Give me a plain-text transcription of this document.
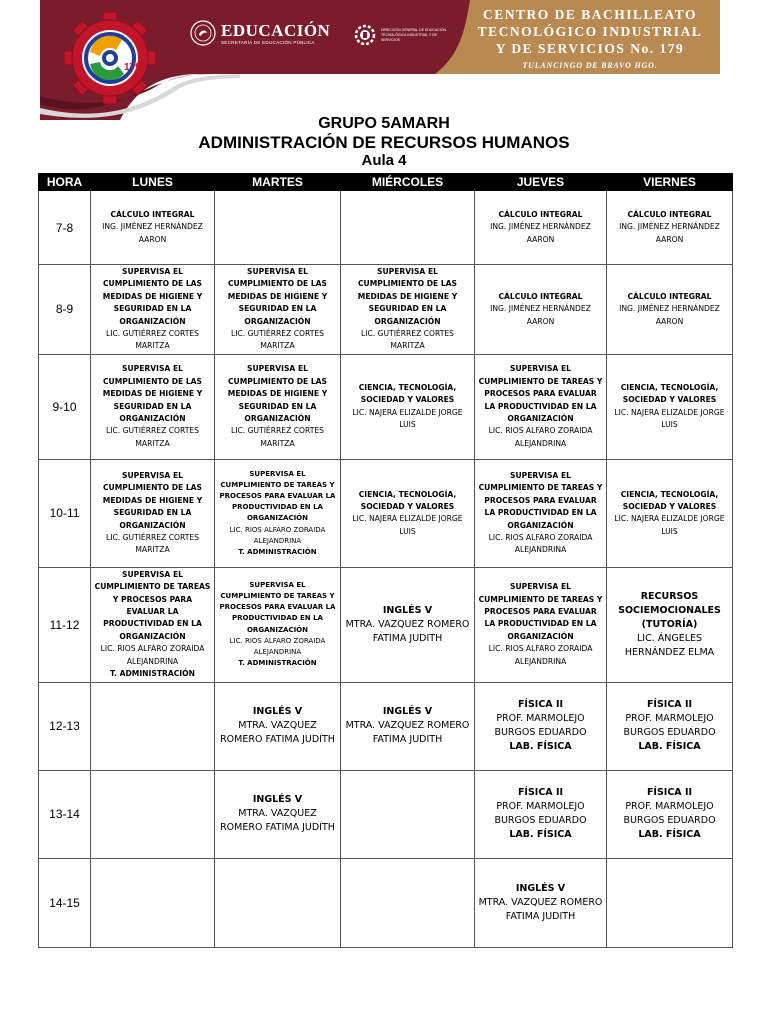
179
EDUCACIÓN
SECRETARÍA DE EDUCACIÓN PÚBLICA
DIRECCIÓN GENERAL DE EDUCACIÓN TECNOLÓGICA INDUSTRIAL Y DE SERVICIOS
CENTRO DE BACHILLEATO
TECNOLÓGICO INDUSTRIAL
Y DE SERVICIOS No. 179
TULANCINGO DE BRAVO HGO.
GRUPO 5AMARH
ADMINISTRACIÓN DE RECURSOS HUMANOS
Aula 4
HORA	LUNES	MARTES	MIÉRCOLES	JUEVES	VIERNES
7-8	CÁLCULO INTEGRAL
ING. JIMÉNEZ HERNÁNDEZ AARON			CÁLCULO INTEGRAL
ING. JIMÉNEZ HERNÁNDEZ AARON	CÁLCULO INTEGRAL
ING. JIMÉNEZ HERNÁNDEZ AARON

8-9	SUPERVISA EL CUMPLIMIENTO DE LAS MEDIDAS DE HIGIENE Y SEGURIDAD EN LA ORGANIZACIÓN
LIC. GUTIÉRREZ CORTES MARITZA	SUPERVISA EL CUMPLIMIENTO DE LAS MEDIDAS DE HIGIENE Y SEGURIDAD EN LA ORGANIZACIÓN
LIC. GUTIÉRREZ CORTES MARITZA	SUPERVISA EL CUMPLIMIENTO DE LAS MEDIDAS DE HIGIENE Y SEGURIDAD EN LA ORGANIZACIÓN
LIC. GUTIÉRREZ CORTES MARITZA	CÁLCULO INTEGRAL
ING. JIMÉNEZ HERNÁNDEZ AARON	CÁLCULO INTEGRAL
ING. JIMÉNEZ HERNÁNDEZ AARON

9-10	SUPERVISA EL CUMPLIMIENTO DE LAS MEDIDAS DE HIGIENE Y SEGURIDAD EN LA ORGANIZACIÓN
LIC. GUTIÉRREZ CORTES MARITZA	SUPERVISA EL CUMPLIMIENTO DE LAS MEDIDAS DE HIGIENE Y SEGURIDAD EN LA ORGANIZACIÓN
LIC. GUTIÉRREZ CORTES MARITZA	CIENCIA, TECNOLOGÍA, SOCIEDAD Y VALORES
LIC. NAJERA ELIZALDE JORGE LUIS	SUPERVISA EL CUMPLIMIENTO DE TAREAS Y PROCESOS PARA EVALUAR LA PRODUCTIVIDAD EN LA ORGANIZACIÓN
LIC. RIOS ALFARO ZORAIDA ALEJANDRINA	CIENCIA, TECNOLOGÍA, SOCIEDAD Y VALORES
LIC. NAJERA ELIZALDE JORGE LUIS

10-11	SUPERVISA EL CUMPLIMIENTO DE LAS MEDIDAS DE HIGIENE Y SEGURIDAD EN LA ORGANIZACIÓN
LIC. GUTIÉRREZ CORTES MARITZA	SUPERVISA EL CUMPLIMIENTO DE TAREAS Y PROCESOS PARA EVALUAR LA PRODUCTIVIDAD EN LA ORGANIZACIÓN
LIC. RIOS ALFARO ZORAIDA ALEJANDRINA
T. ADMINISTRACIÓN	CIENCIA, TECNOLOGÍA, SOCIEDAD Y VALORES
LIC. NAJERA ELIZALDE JORGE LUIS	SUPERVISA EL CUMPLIMIENTO DE TAREAS Y PROCESOS PARA EVALUAR LA PRODUCTIVIDAD EN LA ORGANIZACIÓN
LIC. RIOS ALFARO ZORAIDA ALEJANDRINA	CIENCIA, TECNOLOGÍA, SOCIEDAD Y VALORES
LIC. NAJERA ELIZALDE JORGE LUIS

11-12	SUPERVISA EL CUMPLIMIENTO DE TAREAS Y PROCESOS PARA EVALUAR LA PRODUCTIVIDAD EN LA ORGANIZACIÓN
LIC. RIOS ALFARO ZORAIDA ALEJANDRINA
T. ADMINISTRACIÓN	SUPERVISA EL CUMPLIMIENTO DE TAREAS Y PROCESOS PARA EVALUAR LA PRODUCTIVIDAD EN LA ORGANIZACIÓN
LIC. RIOS ALFARO ZORAIDA ALEJANDRINA
T. ADMINISTRACIÓN	INGLÉS V
MTRA. VAZQUEZ ROMERO FATIMA JUDITH	SUPERVISA EL CUMPLIMIENTO DE TAREAS Y PROCESOS PARA EVALUAR LA PRODUCTIVIDAD EN LA ORGANIZACIÓN
LIC. RIOS ALFARO ZORAIDA ALEJANDRINA	RECURSOS SOCIEMOCIONALES (TUTORÍA)
LIC. ÁNGELES HERNÁNDEZ ELMA

12-13		INGLÉS V
MTRA. VAZQUEZ ROMERO FATIMA JUDITH	INGLÉS V
MTRA. VAZQUEZ ROMERO FATIMA JUDITH	FÍSICA II
PROF. MARMOLEJO BURGOS EDUARDO
LAB. FÍSICA	FÍSICA II
PROF. MARMOLEJO BURGOS EDUARDO
LAB. FÍSICA

13-14		INGLÉS V
MTRA. VAZQUEZ ROMERO FATIMA JUDITH		FÍSICA II
PROF. MARMOLEJO BURGOS EDUARDO
LAB. FÍSICA	FÍSICA II
PROF. MARMOLEJO BURGOS EDUARDO
LAB. FÍSICA

14-15				INGLÉS V
MTRA. VAZQUEZ ROMERO FATIMA JUDITH	
